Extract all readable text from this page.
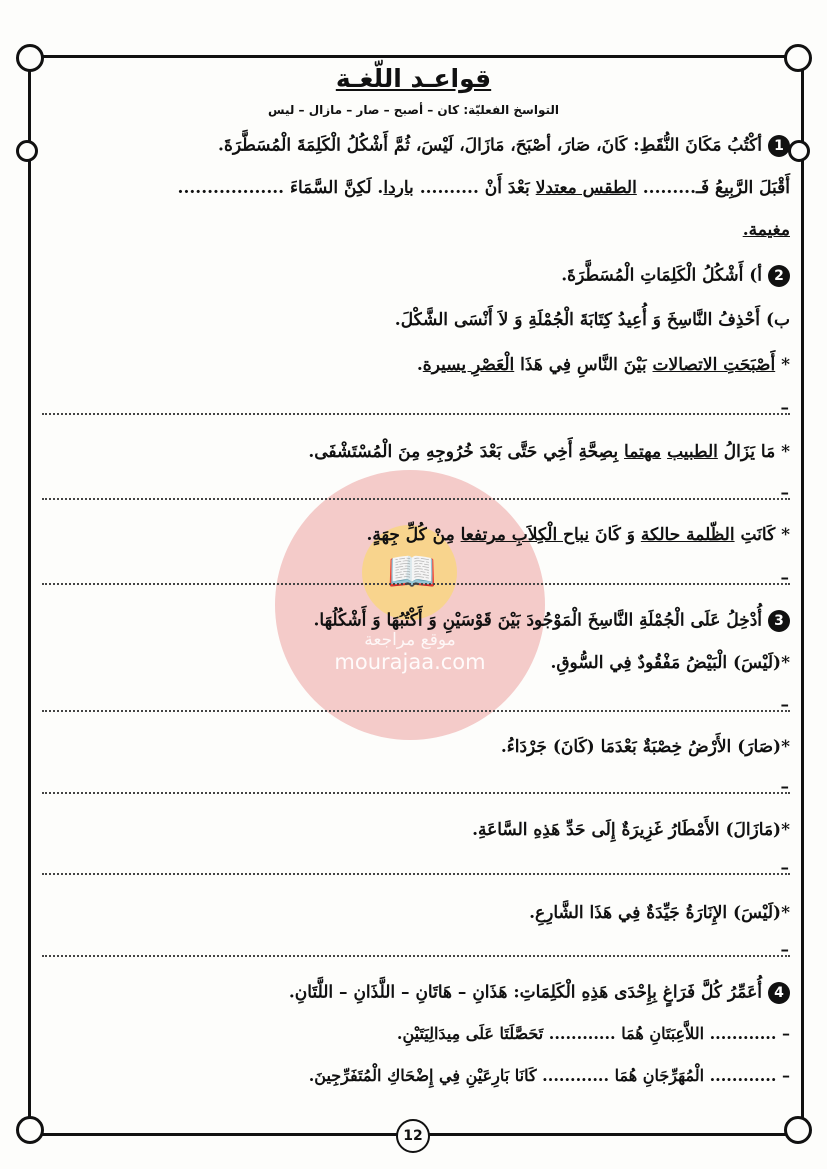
📖
موقع مراجعة
mourajaa.com
قواعـد اللّغـة
التواسخ الفعليّة: كان – أصبح – صار – مازال – ليس
1أكْتُبُ مَكَانَ النُّقَطِ: كَانَ، صَارَ، أصْبَحَ، مَازَالَ، لَيْسَ، ثُمَّ أَشْكُلُ الْكَلِمَةَ الْمُسَطَّرَةَ.
أَقْبَلَ الرَّبِيعُ فَـ......... الطقس معتدلا بَعْدَ أَنْ .......... باردا. لَكِنَّ السَّمَاءَ ..................
مغيمة.
2أ) أَشْكُلُ الْكَلِمَاتِ الْمُسَطَّرَةَ.
ب) أَحْذِفُ النَّاسِخَ وَ أُعِيدُ كِتَابَةَ الْجُمْلَةِ وَ لاَ أَنْسَى الشَّكْلَ.
* أَصْبَحَتِ الاتصالات بَيْنَ النَّاسِ فِي هَذَا الْعَصْرِ يسيرة.
* مَا يَزَالُ الطبيب مهتما بِصِحَّةِ أَخِي حَتَّى بَعْدَ خُرُوجِهِ مِنَ الْمُسْتَشْفَى.
* كَانَتِ الظّلمة حالكة وَ كَانَ نباح الْكِلاَبِ مرتفعا مِنْ كُلِّ جِهَةٍ.
3أُدْخِلُ عَلَى الْجُمْلَةِ النَّاسِخَ الْمَوْجُودَ بَيْنَ قَوْسَيْنِ وَ أَكْتُبُهَا وَ أَشْكُلُهَا.
*(لَيْسَ) الْبَيْضُ مَفْقُودٌ فِي السُّوقِ.
*(صَارَ) الأَرْضُ خِصْبَةٌ بَعْدَمَا (كَانَ) جَرْدَاءُ.
*(مَازَالَ) الأَمْطَارُ غَزِيرَةٌ إِلَى حَدِّ هَذِهِ السَّاعَةِ.
*(لَيْسَ) الإِنَارَةُ جَيِّدَةٌ فِي هَذَا الشَّارِعِ.
4أُعَمِّرُ كُلَّ فَرَاغٍ بِإِحْدَى هَذِهِ الْكَلِمَاتِ: هَذَانِ – هَاتَانِ – اللَّذَانِ – اللَّتَانِ.
– ............ اللاَّعِبَتَانِ هُمَا ............ تَحَصَّلَتَا عَلَى مِيدَالِيَتَيْنِ.
– ............ الْمُهَرِّجَانِ هُمَا ............ كَانَا بَارِعَيْنِ فِي إِضْحَاكِ الْمُتَفَرِّجِينَ.
–
–
–
–
–
–
–
12
